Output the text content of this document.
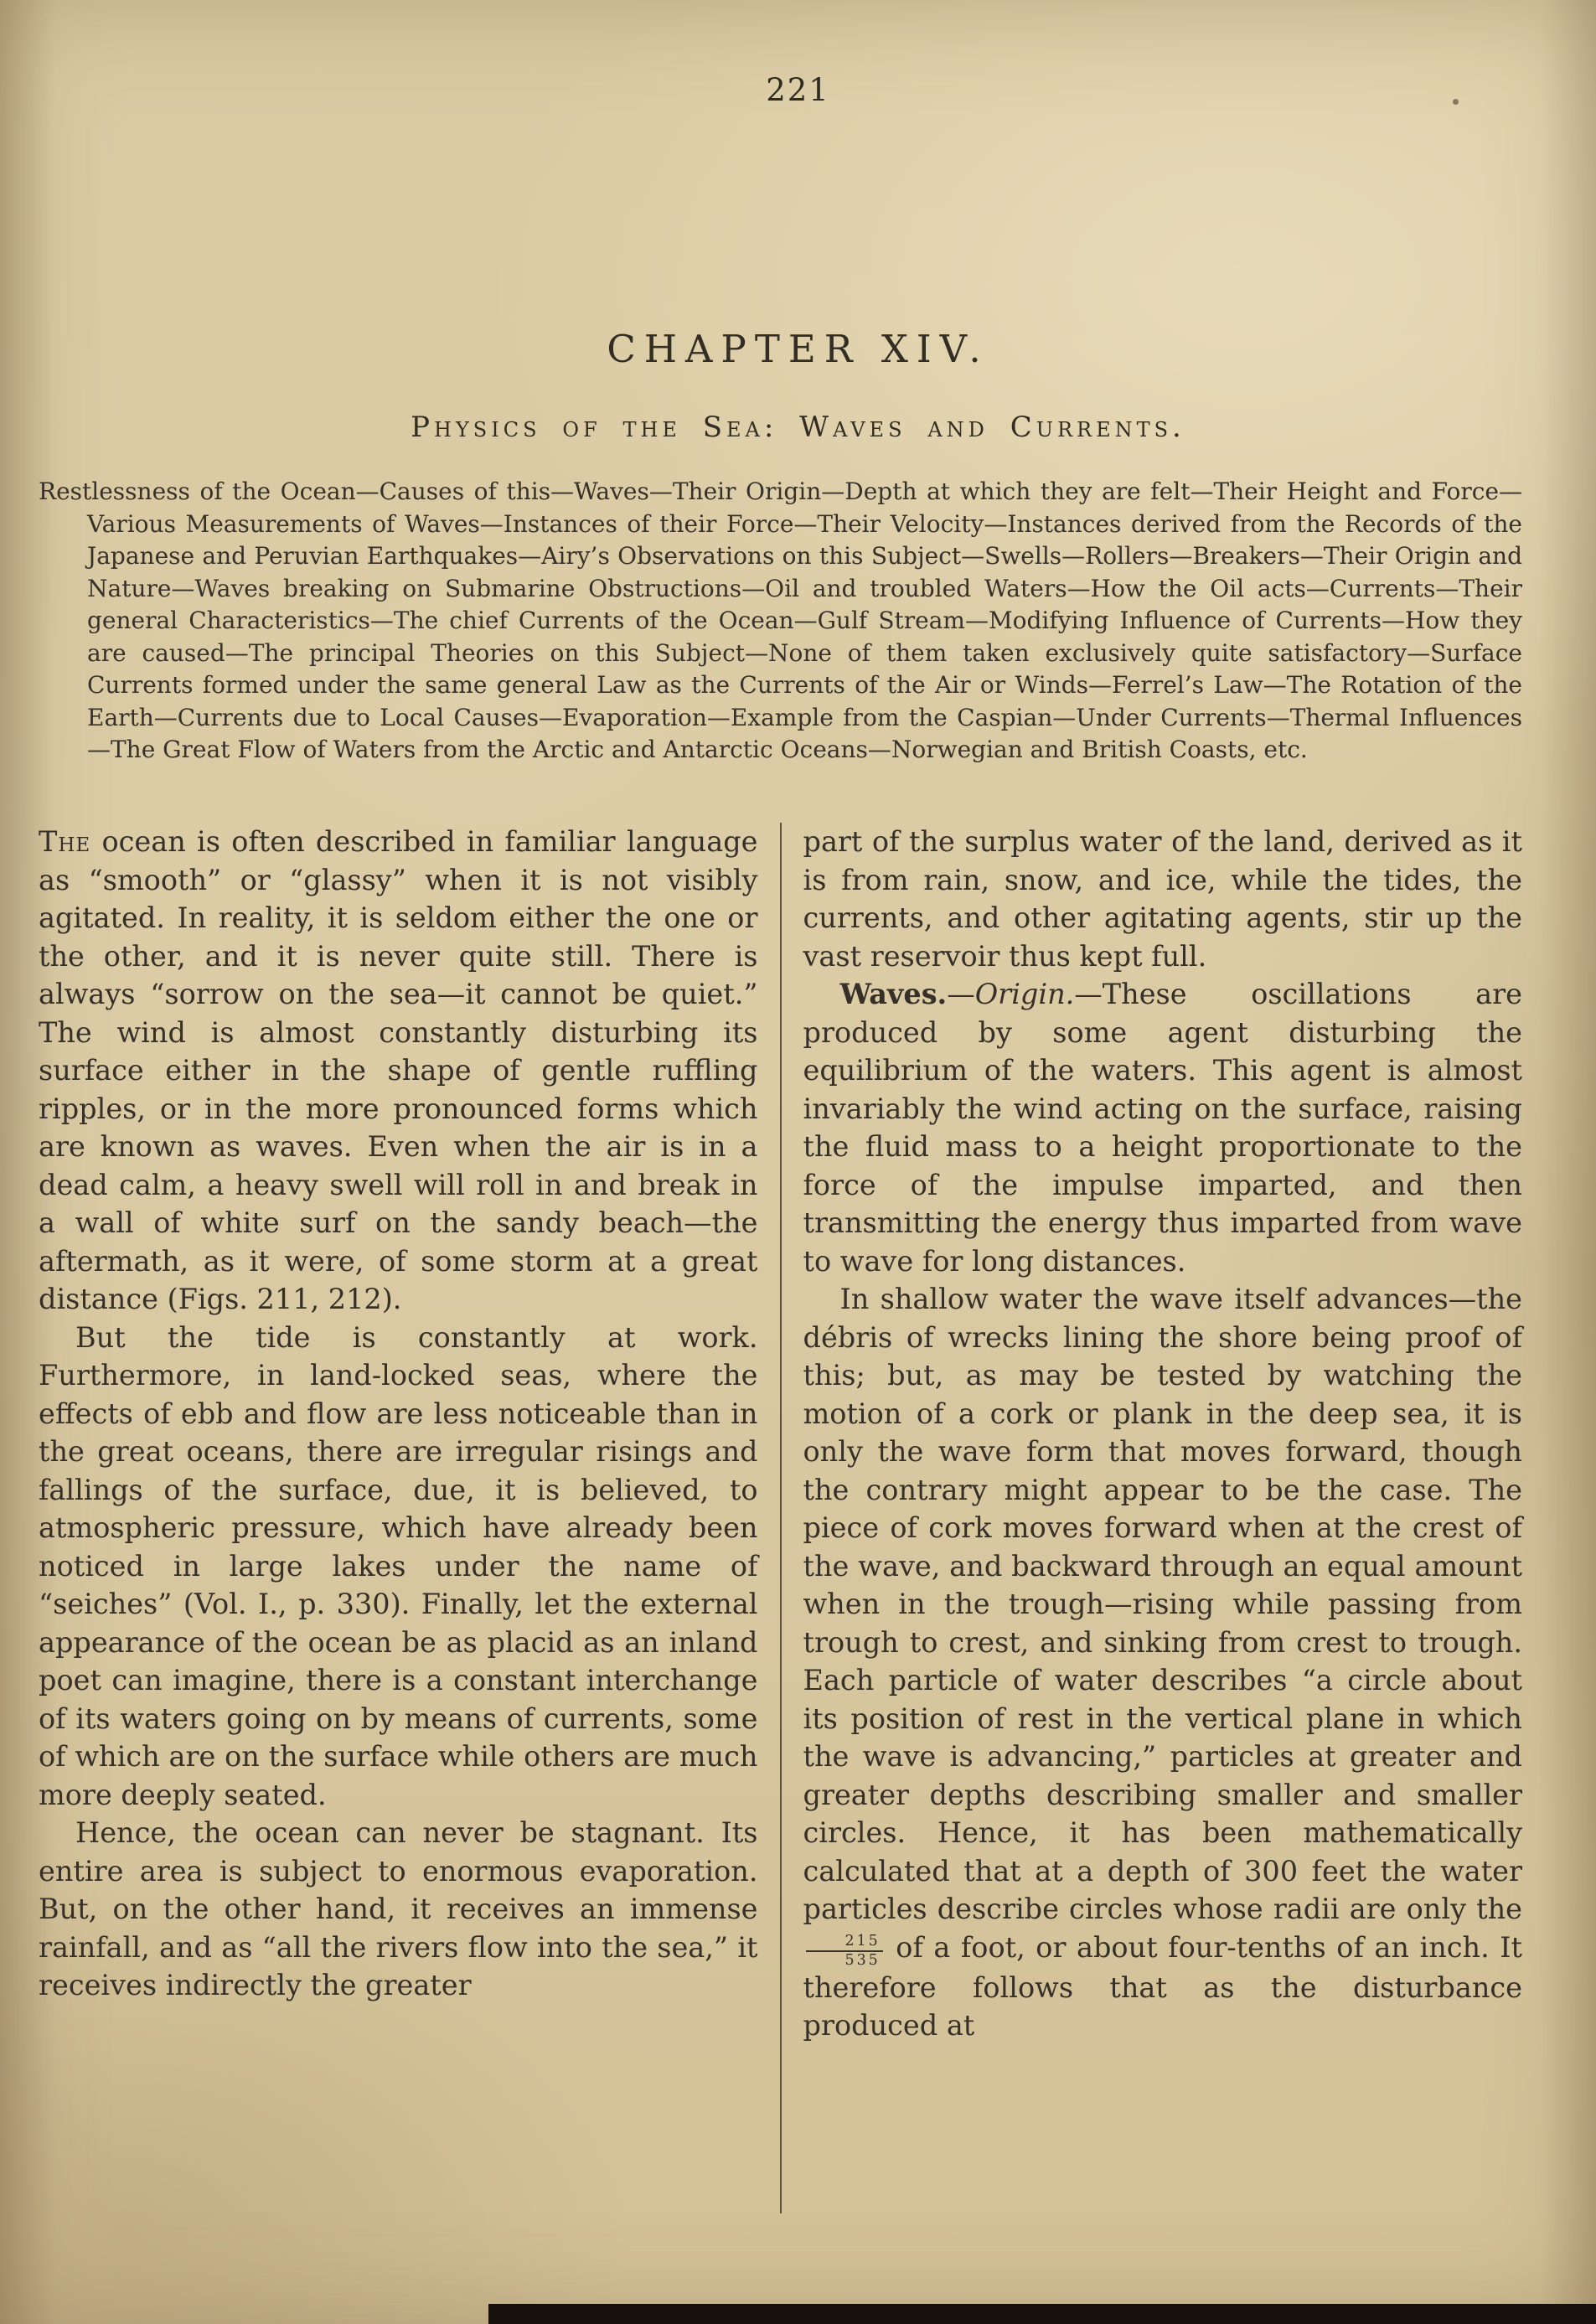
221
CHAPTER XIV.
Physics of the Sea: Waves and Currents.

Restlessness of the Ocean—Causes of this—Waves—Their Origin—Depth at which they are felt—Their Height and Force—Various Measurements of Waves—Instances of their Force—Their Velocity—Instances derived from the Records of the Japanese and Peruvian Earthquakes—Airy’s Observations on this Subject—Swells—Rollers—Breakers—Their Origin and Nature—Waves breaking on Submarine Obstructions—Oil and troubled Waters—How the Oil acts—Currents—Their general Characteristics—The chief Currents of the Ocean—Gulf Stream—Modifying Influence of Currents—How they are caused—The principal Theories on this Subject—None of them taken exclusively quite satisfactory—Surface Currents formed under the same general Law as the Currents of the Air or Winds—Ferrel’s Law—The Rotation of the Earth—Currents due to Local Causes—Evaporation—Example from the Caspian—Under Currents—Thermal Influences—The Great Flow of Waters from the Arctic and Antarctic Oceans—Norwegian and British Coasts, etc.

The ocean is often described in familiar language as “smooth” or “glassy” when it is not visibly agitated. In reality, it is seldom either the one or the other, and it is never quite still. There is always “sorrow on the sea—it cannot be quiet.” The wind is almost constantly disturbing its surface either in the shape of gentle ruffling ripples, or in the more pronounced forms which are known as waves. Even when the air is in a dead calm, a heavy swell will roll in and break in a wall of white surf on the sandy beach—the aftermath, as it were, of some storm at a great distance (Figs. 211, 212).

But the tide is constantly at work. Furthermore, in land-locked seas, where the effects of ebb and flow are less noticeable than in the great oceans, there are irregular risings and fallings of the surface, due, it is believed, to atmospheric pressure, which have already been noticed in large lakes under the name of “seiches” (Vol. I., p. 330). Finally, let the external appearance of the ocean be as placid as an inland poet can imagine, there is a constant interchange of its waters going on by means of currents, some of which are on the surface while others are much more deeply seated.

Hence, the ocean can never be stagnant. Its entire area is subject to enormous evaporation. But, on the other hand, it receives an immense rainfall, and as “all the rivers flow into the sea,” it receives indirectly the greater

part of the surplus water of the land, derived as it is from rain, snow, and ice, while the tides, the currents, and other agitating agents, stir up the vast reservoir thus kept full.

Waves.—Origin.—These oscillations are produced by some agent disturbing the equilibrium of the waters. This agent is almost invariably the wind acting on the surface, raising the fluid mass to a height proportionate to the force of the impulse imparted, and then transmitting the energy thus imparted from wave to wave for long distances.

In shallow water the wave itself advances—the débris of wrecks lining the shore being proof of this; but, as may be tested by watching the motion of a cork or plank in the deep sea, it is only the wave form that moves forward, though the contrary might appear to be the case. The piece of cork moves forward when at the crest of the wave, and backward through an equal amount when in the trough—rising while passing from trough to crest, and sinking from crest to trough. Each particle of water describes “a circle about its position of rest in the vertical plane in which the wave is advancing,” particles at greater and greater depths describing smaller and smaller circles. Hence, it has been mathematically calculated that at a depth of 300 feet the water particles describe circles whose radii are only the
$\frac{215}{535}$ of a foot, or about four-tenths of an inch. It therefore follows that as the disturbance produced at
